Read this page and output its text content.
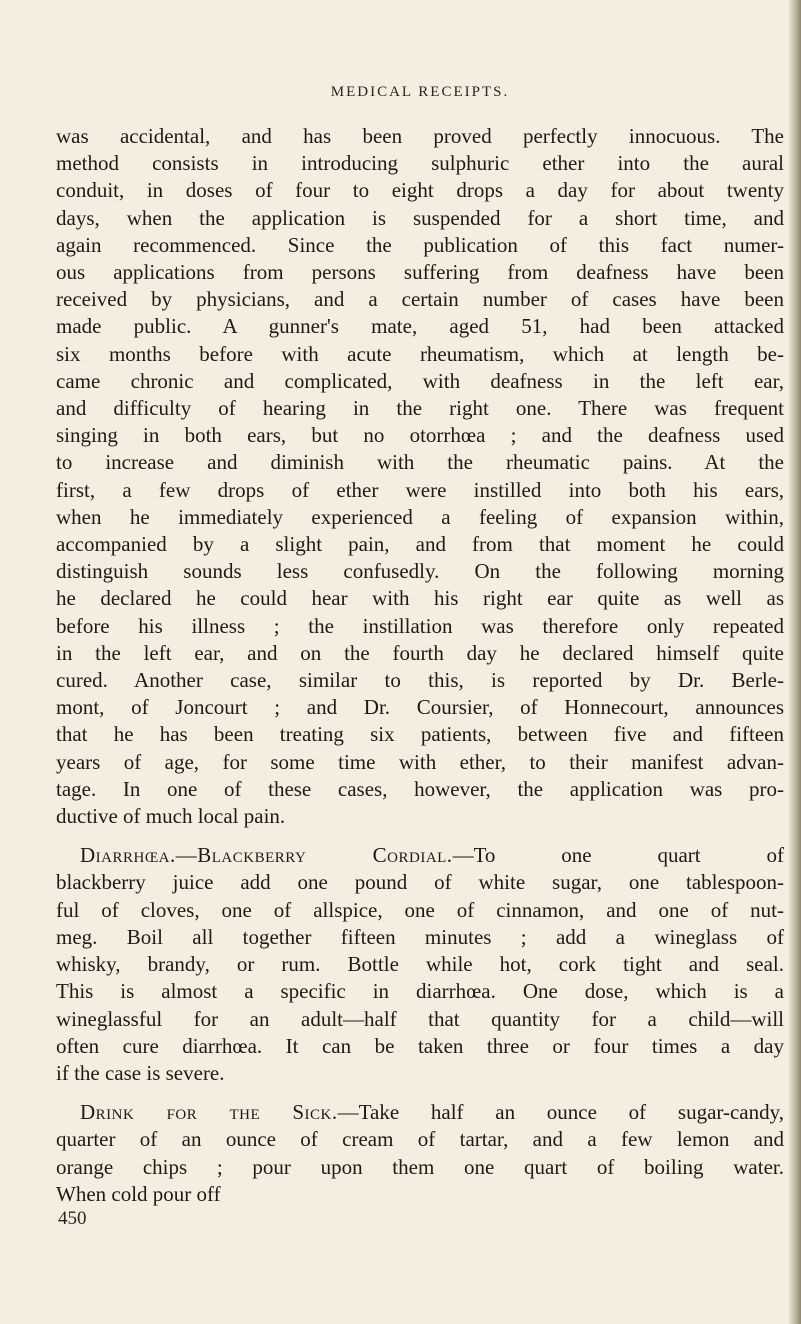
MEDICAL RECEIPTS.

was accidental, and has been proved perfectly innocuous. The
method consists in introducing sulphuric ether into the aural
conduit, in doses of four to eight drops a day for about twenty
days, when the application is suspended for a short time, and
again recommenced. Since the publication of this fact numer-
ous applications from persons suffering from deafness have been
received by physicians, and a certain number of cases have been
made public. A gunner's mate, aged 51, had been attacked
six months before with acute rheumatism, which at length be-
came chronic and complicated, with deafness in the left ear,
and difficulty of hearing in the right one. There was frequent
singing in both ears, but no otorrhœa ; and the deafness used
to increase and diminish with the rheumatic pains. At the
first, a few drops of ether were instilled into both his ears,
when he immediately experienced a feeling of expansion within,
accompanied by a slight pain, and from that moment he could
distinguish sounds less confusedly. On the following morning
he declared he could hear with his right ear quite as well as
before his illness ; the instillation was therefore only repeated
in the left ear, and on the fourth day he declared himself quite
cured. Another case, similar to this, is reported by Dr. Berle-
mont, of Joncourt ; and Dr. Coursier, of Honnecourt, announces
that he has been treating six patients, between five and fifteen
years of age, for some time with ether, to their manifest advan-
tage. In one of these cases, however, the application was pro-
ductive of much local pain.

Diarrhœa.—Blackberry Cordial.—To one quart of
blackberry juice add one pound of white sugar, one tablespoon-
ful of cloves, one of allspice, one of cinnamon, and one of nut-
meg. Boil all together fifteen minutes ; add a wineglass of
whisky, brandy, or rum. Bottle while hot, cork tight and seal.
This is almost a specific in diarrhœa. One dose, which is a
wineglassful for an adult—half that quantity for a child—will
often cure diarrhœa. It can be taken three or four times a day
if the case is severe.

Drink for the Sick.—Take half an ounce of sugar-candy,
quarter of an ounce of cream of tartar, and a few lemon and
orange chips ; pour upon them one quart of boiling water.
When cold pour off

450
